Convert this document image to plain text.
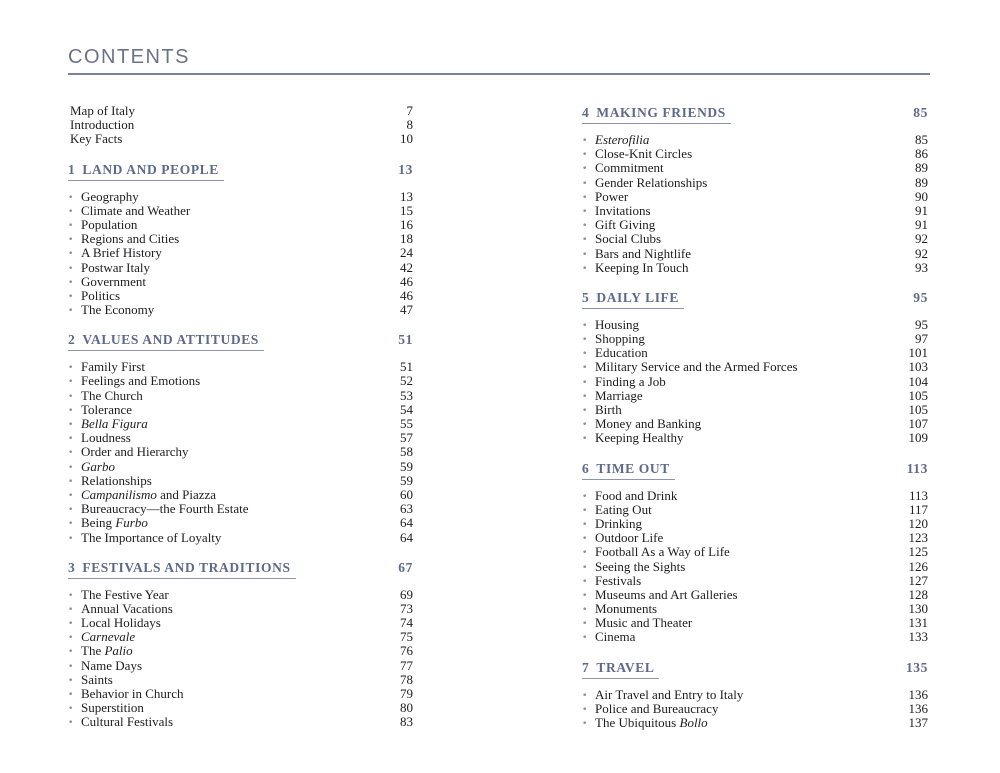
CONTENTS
Map of Italy	7
Introduction	8
Key Facts	10
1 LAND AND PEOPLE	13
• Geography	13
• Climate and Weather	15
• Population	16
• Regions and Cities	18
• A Brief History	24
• Postwar Italy	42
• Government	46
• Politics	46
• The Economy	47
2 VALUES AND ATTITUDES	51
• Family First	51
• Feelings and Emotions	52
• The Church	53
• Tolerance	54
• Bella Figura	55
• Loudness	57
• Order and Hierarchy	58
• Garbo	59
• Relationships	59
• Campanilismo and Piazza	60
• Bureaucracy—the Fourth Estate	63
• Being Furbo	64
• The Importance of Loyalty	64
3 FESTIVALS AND TRADITIONS	67
• The Festive Year	69
• Annual Vacations	73
• Local Holidays	74
• Carnevale	75
• The Palio	76
• Name Days	77
• Saints	78
• Behavior in Church	79
• Superstition	80
• Cultural Festivals	83
4 MAKING FRIENDS	85
• Esterofilia	85
• Close-Knit Circles	86
• Commitment	89
• Gender Relationships	89
• Power	90
• Invitations	91
• Gift Giving	91
• Social Clubs	92
• Bars and Nightlife	92
• Keeping In Touch	93
5 DAILY LIFE	95
• Housing	95
• Shopping	97
• Education	101
• Military Service and the Armed Forces	103
• Finding a Job	104
• Marriage	105
• Birth	105
• Money and Banking	107
• Keeping Healthy	109
6 TIME OUT	113
• Food and Drink	113
• Eating Out	117
• Drinking	120
• Outdoor Life	123
• Football As a Way of Life	125
• Seeing the Sights	126
• Festivals	127
• Museums and Art Galleries	128
• Monuments	130
• Music and Theater	131
• Cinema	133
7 TRAVEL	135
• Air Travel and Entry to Italy	136
• Police and Bureaucracy	136
• The Ubiquitous Bollo	137
